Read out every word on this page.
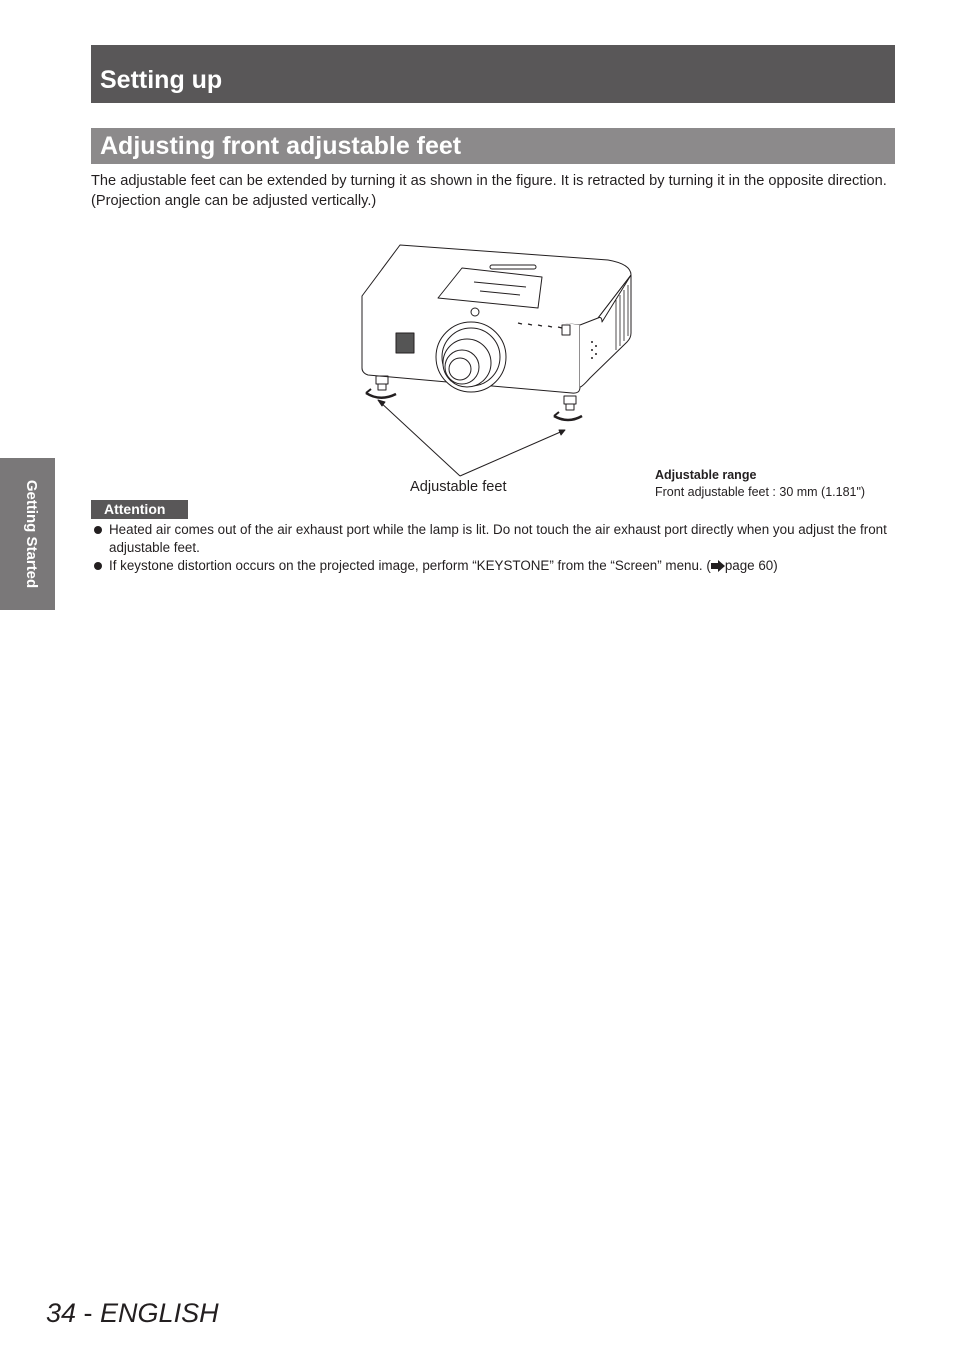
Setting up
Adjusting front adjustable feet
The adjustable feet can be extended by turning it as shown in the figure. It is retracted by turning it in the opposite direction. (Projection angle can be adjusted vertically.)
Adjustable feet
Adjustable range
Front adjustable feet : 30 mm (1.181")
Attention
Heated air comes out of the air exhaust port while the lamp is lit. Do not touch the air exhaust port directly when you adjust the front adjustable feet.
If keystone distortion occurs on the projected image, perform “KEYSTONE” from the “Screen” menu. ( page 60)
Getting Started
34 - ENGLISH
